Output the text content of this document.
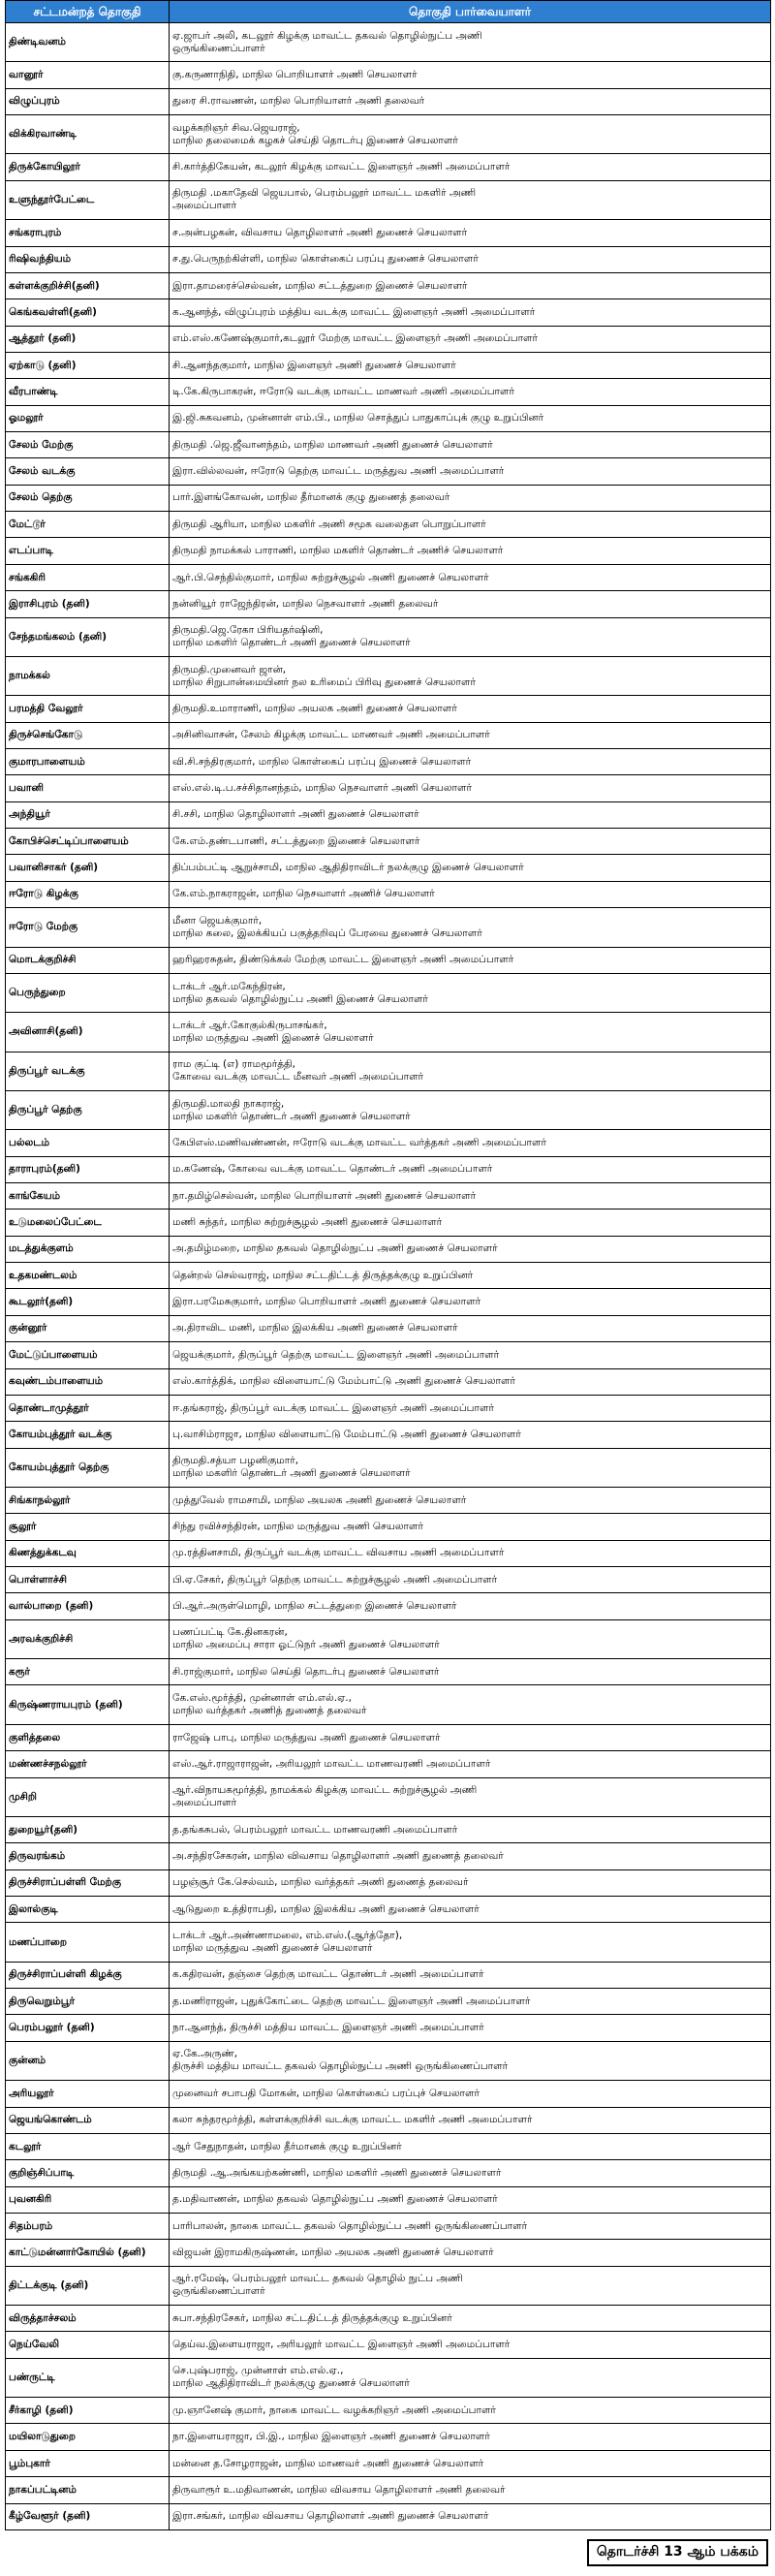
சட்டமன்றத் தொகுதி	தொகுதி பார்வையாளர்
திண்டிவனம்	ஏ.ஜாபர் அலி, கடலூர் கிழக்கு மாவட்ட தகவல் தொழில்நுட்ப அணி
ஒருங்கிணைப்பாளர்

வானூர்	கு.கருணாநிதி, மாநில பொறியாளர் அணி செயலாளர்

விழுப்புரம்	துரை சி.ராவணன், மாநில பொறியாளர் அணி தலைவர்

விக்கிரவாண்டி	வழக்கறிஞர் சிவ.ஜெயராஜ்,
மாநில தலைமைக் கழகச் செய்தி தொடர்பு இணைச் செயலாளர்

திருக்கோயிலூர்	சி.கார்த்திகேயன், கடலூர் கிழக்கு மாவட்ட இளைஞர் அணி அமைப்பாளர்

உளுந்தூர்பேட்டை	திருமதி .மகாதேவி ஜெயபால், பெரம்பலூர் மாவட்ட மகளிர் அணி
அமைப்பாளர்

சங்கராபுரம்	ச.அன்பழகன், விவசாய தொழிலாளர் அணி துணைச் செயலாளர்

ரிஷிவந்தியம்	ச.து.பெருநற்கிள்ளி, மாநில கொள்கைப் பரப்பு துணைச் செயலாளர்

கள்ளக்குறிச்சி(தனி)	இரா.தாமரைச்செல்வன், மாநில சட்டத்துறை இணைச் செயலாளர்

கெங்கவள்ளி(தனி)	க.ஆனந்த், விழுப்புரம் மத்திய வடக்கு மாவட்ட இளைஞர் அணி அமைப்பாளர்

ஆத்தூர் (தனி)	எம்.எஸ்.கணேஷ்குமார்,கடலூர் மேற்கு மாவட்ட இளைஞர் அணி அமைப்பாளர்

ஏற்காடு (தனி)	சி.ஆனந்தகுமார், மாநில இளைஞர் அணி துணைச் செயலாளர்

வீரபாண்டி	டி.கே.கிருபாகரன், ஈரோடு வடக்கு மாவட்ட மாணவர் அணி அமைப்பாளர்

ஓமலூர்	இ.ஜி.சுகவனம், முன்னாள் எம்.பி., மாநில சொத்துப் பாதுகாப்புக் குழு உறுப்பினர்

சேலம் மேற்கு	திருமதி .ஜெ.ஜீவானந்தம், மாநில மாணவர் அணி துணைச் செயலாளர்

சேலம் வடக்கு	இரா.வில்லவன், ஈரோடு தெற்கு மாவட்ட மருத்துவ அணி அமைப்பாளர்

சேலம் தெற்கு	பார்.இளங்கோவன், மாநில தீர்மானக் குழு துணைத் தலைவர்

மேட்டூர்	திருமதி ஆரியா, மாநில மகளிர் அணி சமூக வலைதள பொறுப்பாளர்

எடப்பாடி	திருமதி நாமக்கல் பாராணி, மாநில மகளிர் தொண்டர் அணிச் செயலாளர்

சங்ககிரி	ஆர்.பி.செந்தில்குமார், மாநில சுற்றுச்சூழல் அணி துணைச் செயலாளர்

இராசிபுரம் (தனி)	நன்னியூர் ராஜேந்திரன், மாநில நெசவாளர் அணி தலைவர்

சேந்தமங்கலம் (தனி)	திருமதி.ஜெ.ரேகா பிரியதர்ஷினி,
மாநில மகளிர் தொண்டர் அணி துணைச் செயலாளர்

நாமக்கல்	திருமதி.முனைவர் ஜான்,
மாநில சிறுபான்மையினர் நல உரிமைப் பிரிவு துணைச் செயலாளர்

பரமத்தி வேலூர்	திருமதி.உமாராணி, மாநில அயலக அணி துணைச் செயலாளர்

திருச்செங்கோடு	அசினிவாசன், சேலம் கிழக்கு மாவட்ட மாணவர் அணி அமைப்பாளர்

குமாரபாளையம்	வி.சி.சந்திரகுமார், மாநில கொள்கைப் பரப்பு இணைச் செயலாளர்

பவானி	எஸ்.எல்.டி.ப.சச்சிதானந்தம், மாநில நெசவாளர் அணி செயலாளர்

அந்தியூர்	சி.சசி, மாநில தொழிலாளர் அணி துணைச் செயலாளர்

கோபிச்செட்டிப்பாளையம்	கே.எம்.தண்டபாணி, சட்டத்துறை இணைச் செயலாளர்

பவானிசாகர் (தனி)	திப்பம்பட்டி ஆறுச்சாமி, மாநில ஆதிதிராவிடர் நலக்குழு இணைச் செயலாளர்

ஈரோடு கிழக்கு	கே.எம்.நாகராஜன், மாநில நெசவாளர் அணிச் செயலாளர்

ஈரோடு மேற்கு	மீனா ஜெயக்குமார்,
மாநில கலை, இலக்கியப் பகுத்தறிவுப் பேரவை துணைச் செயலாளர்

மொடக்குறிச்சி	ஹரிஹரசுதன், திண்டுக்கல் மேற்கு மாவட்ட இளைஞர் அணி அமைப்பாளர்

பெருந்துறை	டாக்டர் ஆர்.மகேந்திரன்,
மாநில தகவல் தொழில்நுட்ப அணி இணைச் செயலாளர்

அவினாசி(தனி)	டாக்டர் ஆர்.கோகுல்கிருபாசங்கர்,
மாநில மருத்துவ அணி இணைச் செயலாளர்

திருப்பூர் வடக்கு	ராம குட்டி (எ) ராமமூர்த்தி,
கோவை வடக்கு மாவட்ட மீனவர் அணி அமைப்பாளர்

திருப்பூர் தெற்கு	திருமதி.மாலதி நாகராஜ்,
மாநில மகளிர் தொண்டர் அணி துணைச் செயலாளர்

பல்லடம்	கேபிஎஸ்.மணிவண்ணன், ஈரோடு வடக்கு மாவட்ட வர்த்தகர் அணி அமைப்பாளர்

தாராபுரம்(தனி)	ம.கணேஷ், கோவை வடக்கு மாவட்ட தொண்டர் அணி அமைப்பாளர்

காங்கேயம்	நா.தமிழ்செல்வன், மாநில பொறியாளர் அணி துணைச் செயலாளர்

உடுமலைப்பேட்டை	மணி சுந்தர், மாநில சுற்றுச்சூழல் அணி துணைச் செயலாளர்

மடத்துக்குளம்	அ.தமிழ்மறை, மாநில தகவல் தொழில்நுட்ப அணி துணைச் செயலாளர்

உதகமண்டலம்	தென்றல் செல்வராஜ், மாநில சட்டதிட்டத் திருத்தக்குழு உறுப்பினர்

கூடலூர்(தனி)	இரா.பரமேசுகுமார், மாநில பொறியாளர் அணி துணைச் செயலாளர்

குன்னூர்	அ.திராவிட மணி, மாநில இலக்கிய அணி துணைச் செயலாளர்

மேட்டுப்பாளையம்	ஜெயக்குமார், திருப்பூர் தெற்கு மாவட்ட இளைஞர் அணி அமைப்பாளர்

கவுண்டம்பாளையம்	எஸ்.கார்த்திக், மாநில விளையாட்டு மேம்பாட்டு அணி துணைச் செயலாளர்

தொண்டாமுத்தூர்	ஈ.தங்கராஜ், திருப்பூர் வடக்கு மாவட்ட இளைஞர் அணி அமைப்பாளர்

கோயம்புத்தூர் வடக்கு	பு.வாசிம்ராஜா, மாநில விளையாட்டு மேம்பாட்டு அணி துணைச் செயலாளர்

கோயம்புத்தூர் தெற்கு	திருமதி.சத்யா பழனிகுமார்,
மாநில மகளிர் தொண்டர் அணி துணைச் செயலாளர்

சிங்காநல்லூர்	முத்துவேல் ராமசாமி, மாநில அயலக அணி துணைச் செயலாளர்

சூலூர்	சிந்து ரவிச்சந்திரன், மாநில மருத்துவ அணி செயலாளர்

கிணத்துக்கடவு	மு.ரத்தினசாமி, திருப்பூர் வடக்கு மாவட்ட விவசாய அணி அமைப்பாளர்

பொள்ளாச்சி	பி.ஏ.சேகர், திருப்பூர் தெற்கு மாவட்ட சுற்றுச்சூழல் அணி அமைப்பாளர்

வால்பாறை (தனி)	பி.ஆர்.அருள்மொழி, மாநில சட்டத்துறை இணைச் செயலாளர்

அரவக்குறிச்சி	பணப்பட்டி கே.தினகரன்,
மாநில அமைப்பு சாரா ஓட்டுநர் அணி துணைச் செயலாளர்

கரூர்	சி.ராஜ்குமார், மாநில செய்தி தொடர்பு துணைச் செயலாளர்

கிருஷ்ணராயபுரம் (தனி)	கே.எஸ்.மூர்த்தி, முன்னாள் எம்.எல்.ஏ.,
மாநில வர்த்தகர் அணித் துணைத் தலைவர்

குளித்தலை	ராஜேஷ் பாபு, மாநில மருத்துவ அணி துணைச் செயலாளர்

மண்ணச்சநல்லூர்	எஸ்.ஆர்.ராஜாராஜன், அரியலூர் மாவட்ட மாணவரணி அமைப்பாளர்

முசிறி	ஆர்.விநாயகமூர்த்தி, நாமக்கல் கிழக்கு மாவட்ட சுற்றுச்சூழல் அணி
அமைப்பாளர்

துறையூர்(தனி)	த.தங்கசுபல், பெரம்பலூர் மாவட்ட மாணவரணி அமைப்பாளர்

திருவரங்கம்	அ.சந்திரசேகரன், மாநில விவசாய தொழிலாளர் அணி துணைத் தலைவர்

திருச்சிராப்பள்ளி மேற்கு	பழஞ்சூர் கே.செல்வம், மாநில வர்த்தகர் அணி துணைத் தலைவர்

இலால்குடி	ஆடுதுறை உத்திராபதி, மாநில இலக்கிய அணி துணைச் செயலாளர்

மணப்பாறை	டாக்டர் ஆர்.அண்ணாமலை, எம்.எஸ்.(ஆர்த்தோ),
மாநில மருத்துவ அணி துணைச் செயலாளர்

திருச்சிராப்பள்ளி கிழக்கு	க.கதிரவன், தஞ்சை தெற்கு மாவட்ட தொண்டர் அணி அமைப்பாளர்

திருவெறும்பூர்	த.மணிராஜன், புதுக்கோட்டை தெற்கு மாவட்ட இளைஞர் அணி அமைப்பாளர்

பெரம்பலூர் (தனி)	நா.ஆனந்த், திருச்சி மத்திய மாவட்ட இளைஞர் அணி அமைப்பாளர்

குன்னம்	ஏ.கே.அருண்,
திருச்சி மத்திய மாவட்ட தகவல் தொழில்நுட்ப அணி ஒருங்கிணைப்பாளர்

அரியலூர்	முனைவர் சபாபதி மோகன், மாநில கொள்கைப் பரப்புச் செயலாளர்

ஜெயங்கொண்டம்	கலா சுந்தரமூர்த்தி, கள்ளக்குறிச்சி வடக்கு மாவட்ட மகளிர் அணி அமைப்பாளர்

கடலூர்	ஆர் சேதுநாதன், மாநில தீர்மானக் குழு உறுப்பினர்

குறிஞ்சிப்பாடி	திருமதி .ஆ.அங்கயற்கண்ணி, மாநில மகளிர் அணி துணைச் செயலாளர்

புவனகிரி	த.மதிவாணன், மாநில தகவல் தொழில்நுட்ப அணி துணைச் செயலாளர்

சிதம்பரம்	பாரிபாலன், நாகை மாவட்ட தகவல் தொழில்நுட்ப அணி ஒருங்கிணைப்பாளர்

காட்டுமன்னார்கோயில் (தனி)	விஜயன் இராமகிருஷ்ணன், மாநில அயலக அணி துணைச் செயலாளர்

திட்டக்குடி (தனி)	ஆர்.ரமேஷ், பெரம்பலூர் மாவட்ட தகவல் தொழில் நுட்ப அணி
ஒருங்கிணைப்பாளர்

விருத்தாச்சலம்	சுபா.சந்திரசேகர், மாநில சட்டதிட்டத் திருத்தக்குழு உறுப்பினர்

நெய்வேலி	தெய்வ.இளையராஜா, அரியலூர் மாவட்ட இளைஞர் அணி அமைப்பாளர்

பண்ருட்டி	செ.புஷ்பராஜ், முன்னாள் எம்.எல்.ஏ.,
மாநில ஆதிதிராவிடர் நலக்குழு துணைச் செயலாளர்

சீர்காழி (தனி)	மு.ஞானேஷ் குமார், நாகை மாவட்ட வழக்கறிஞர் அணி அமைப்பாளர்

மயிலாடுதுறை	நா.இளையராஜா, பி.இ., மாநில இளைஞர் அணி துணைச் செயலாளர்

பூம்புகார்	மன்னை த.சோழராஜன், மாநில மாணவர் அணி துணைச் செயலாளர்

நாகப்பட்டினம்	திருவாரூர் உ.மதிவாணன், மாநில விவசாய தொழிலாளர் அணி தலைவர்

கீழ்வேளூர் (தனி)	இரா.சங்கர், மாநில விவசாய தொழிலாளர் அணி துணைச் செயலாளர்
தொடர்ச்சி 13 ஆம் பக்கம்
